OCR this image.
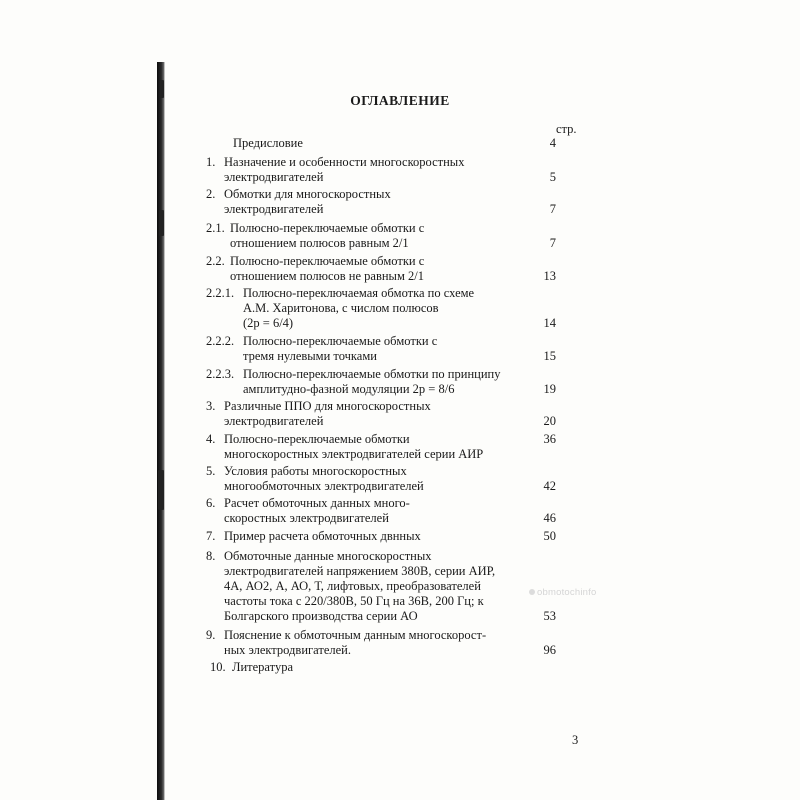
ОГЛАВЛЕНИЕ
стр.
Предисловие	4
1. Назначение и особенности многоскоростных
электродвигателей	5
2. Обмотки для многоскоростных
электродвигателей	7
2.1. Полюсно-переключаемые обмотки с
отношением полюсов равным 2/1	7
2.2. Полюсно-переключаемые обмотки с
отношением полюсов не равным 2/1	13
2.2.1. Полюсно-переключаемая обмотка по схеме
А.М. Харитонова, с числом полюсов
(2р = 6/4)	14
2.2.2. Полюсно-переключаемые обмотки с
тремя нулевыми точками	15
2.2.3. Полюсно-переключаемые обмотки по принципу
амплитудно-фазной модуляции 2р = 8/6	19
3. Различные ППО для многоскоростных
электродвигателей	20
4. Полюсно-переключаемые обмотки
многоскоростных электродвигателей серии АИР
36
5. Условия работы многоскоростных
многообмоточных электродвигателей	42
6. Расчет обмоточных данных много-
скоростных электродвигателей	46
7. Пример расчета обмоточных двнных	50
8. Обмоточные данные многоскоростных
электродвигателей напряжением 380В, серии АИР,
4А, АО2, А, АО, Т, лифтовых, преобразователей
частоты тока с 220/380В, 50 Гц на 36В, 200 Гц; к
Болгарского производства серии АО	53
9. Пояснение к обмоточным данным многоскорост-
ных электродвигателей.	96
10. Литература
obmotochinfo
3
